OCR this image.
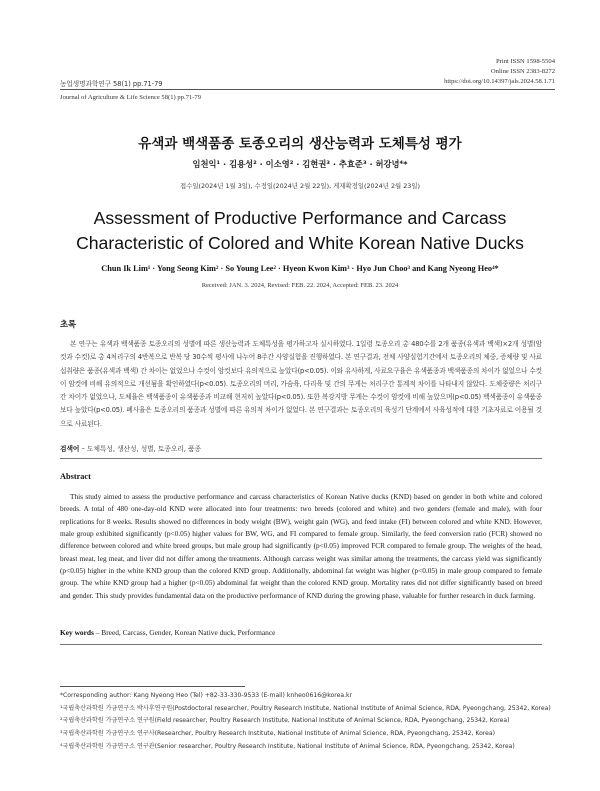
Print ISSN 1598-5504
Online ISSN 2383-8272
https://doi.org/10.14397/jals.2024.58.1.71
농업생명과학연구 58(1) pp.71-79
Journal of Agriculture & Life Science 58(1) pp.71-79
유색과 백색품종 토종오리의 생산능력과 도체특성 평가
임천익¹ · 김용성² · 이소영² · 김현권³ · 추효준³ · 허강녕⁴*
접수일(2024년 1월 3일), 수정일(2024년 2월 22일), 게재확정일(2024년 2월 23일)
Assessment of Productive Performance and Carcass Characteristic of Colored and White Korean Native Ducks
Chun Ik Lim¹ · Yong Seong Kim² · So Young Lee² · Hyeon Kwon Kim³ · Hyo Jun Choo³ and Kang Nyeong Heo⁴*
Received: JAN. 3. 2024, Revised: FEB. 22. 2024, Accepted: FEB. 23. 2024
초록
본 연구는 유색과 백색품종 토종오리의 성별에 따른 생산능력과 도체특성을 평가하고자 실시하였다. 1일령 토종오리 총 480수를 2개 품종(유색과 백색)×2개 성별(암컷과 수컷)로 총 4처리구의 4반복으로 반복 당 30수씩 평사에 나누어 8주간 사양실험을 진행하였다. 본 연구결과, 전체 사양실험기간에서 토종오리의 체중, 증체량 및 사료섭취량은 품종(유색과 백색) 간 차이는 없었으나 수컷이 암컷보다 유의적으로 높았다(p<0.05). 이와 유사하게, 사료요구율은 유색품종과 백색품종의 차이가 없었으나 수컷이 암컷에 비해 유의적으로 개선됨을 확인하였다(p<0.05). 토종오리의 머리, 가슴육, 다리육 및 간의 무게는 처리구간 통계적 차이를 나타내지 않았다. 도체중량은 처리구간 차이가 없었으나, 도체율은 백색품종이 유색품종과 비교해 현저히 높았다(p<0.05). 또한 복강지방 무게는 수컷이 암컷에 비해 높았으며(p<0.05) 백색품종이 유색품종보다 높았다(p<0.05). 폐사율은 토종오리의 품종과 성별에 따른 유의적 차이가 없었다. 본 연구결과는 토종오리의 육성기 단계에서 사육성적에 대한 기초자료로 이용될 것으로 사료된다.
검색어 – 도체특성, 생산성, 성별, 토종오리, 품종
Abstract
This study aimed to assess the productive performance and carcass characteristics of Korean Native ducks (KND) based on gender in both white and colored breeds. A total of 480 one-day-old KND were allocated into four treatments: two breeds (colored and white) and two genders (female and male), with four replications for 8 weeks. Results showed no differences in body weight (BW), weight gain (WG), and feed intake (FI) between colored and white KND. However, male group exhibited significantly (p<0.05) higher values for BW, WG, and FI compared to female group. Similarly, the feed conversion ratio (FCR) showed no difference between colored and white breed groups, but male group had significantly (p<0.05) improved FCR compared to female group. The weights of the head, breast meat, leg meat, and liver did not differ among the treatments. Although carcass weight was similar among the treatments, the carcass yield was significantly (p<0.05) higher in the white KND group than the colored KND group. Additionally, abdominal fat weight was higher (p<0.05) in male group compared to female group. The white KND group had a higher (p<0.05) abdominal fat weight than the colored KND group. Mortality rates did not differ significantly based on breed and gender. This study provides fundamental data on the productive performance of KND during the growing phase, valuable for further research in duck farming.
Key words – Breed, Carcass, Gender, Korean Native duck, Performance
*Corresponding author: Kang Nyeong Heo (Tel) +82-33-330-9533 (E-mail) knheo0616@korea.kr
¹국립축산과학원 가금연구소 박사후연구원(Postdoctoral researcher, Poultry Research Institute, National Institute of Animal Science, RDA, Pyeongchang, 25342, Korea)
²국립축산과학원 가금연구소 연구원(Field researcher, Poultry Research Institute, National Institute of Animal Science, RDA, Pyeongchang, 25342, Korea)
³국립축산과학원 가금연구소 연구사(Researcher, Poultry Research Institute, National Institute of Animal Science, RDA, Pyeongchang, 25342, Korea)
⁴국립축산과학원 가금연구소 연구관(Senior researcher, Poultry Research Institute, National Institute of Animal Science, RDA, Pyeongchang, 25342, Korea)
